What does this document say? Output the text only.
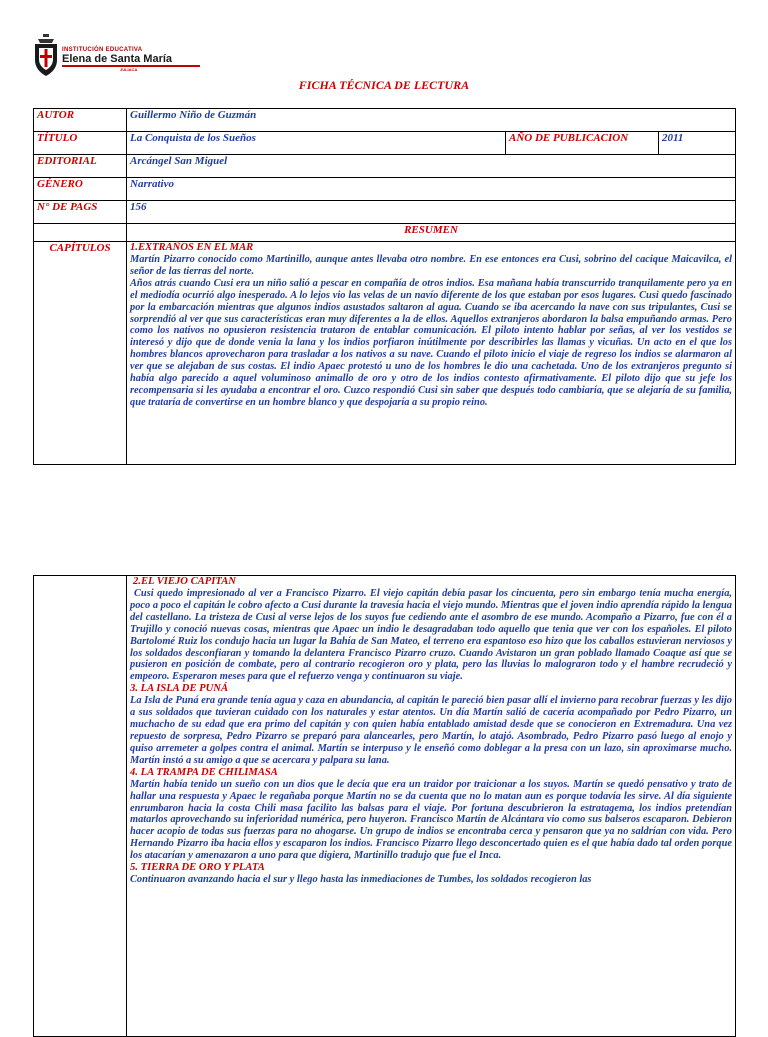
INSTITUCIÓN EDUCATIVA
Elena de Santa María
JULIACA
FICHA TÉCNICA DE LECTURA
AUTOR	Guillermo Niño de Guzmán		
TÍTULO	La Conquista de los Sueños	AÑO DE PUBLICACION	2011
EDITORIAL	Arcángel San Miguel		
GÉNERO	Narrativo		
N° DE PAGS	156		
	RESUMEN		
CAPÍTULOS	1.EXTRAÑOS EN EL MAR

Martín Pizarro conocido como Martinillo, aunque antes llevaba otro nombre. En ese entonces era Cusi, sobrino del cacique Maicavilca, el señor de las tierras del norte.

Años atrás cuando Cusi era un niño salió a pescar en compañía de otros indios. Esa mañana había transcurrido tranquilamente pero ya en el mediodía ocurrió algo inesperado. A lo lejos vio las velas de un navío diferente de los que estaban por esos lugares. Cusi quedo fascinado por la embarcación mientras que algunos indios asustados saltaron al agua. Cuando se iba acercando la nave con sus tripulantes, Cusi se sorprendió al ver que sus características eran muy diferentes a la de ellos. Aquellos extranjeros abordaron la balsa empuñando armas. Pero como los nativos no opusieron resistencia trataron de entablar comunicación. El piloto intento hablar por señas, al ver los vestidos se interesó y dijo que de donde venia la lana y los indios porfiaron inútilmente por describirles las llamas y vicuñas. Un acto en el que los hombres blancos aprovecharon para trasladar a los nativos a su nave. Cuando el piloto inicio el viaje de regreso los indios se alarmaron al ver que se alejaban de sus costas. El indio Apaec protestó u uno de los hombres le dio una cachetada. Uno de los extranjeros pregunto si había algo parecido a aquel voluminoso animallo de oro y otro de los indios contesto afirmativamente. El piloto dijo que su jefe los recompensaria si les ayudaba a encontrar el oro. Cuzco respondió Cusi sin saber que después todo cambiaría, que se alejaría de su familia, que trataría de convertirse en un hombre blanco y que despojaría a su propio reino.		

2.EL VIEJO CAPITAN

Cusi quedo impresionado al ver a Francisco Pizarro. El viejo capitán debía pasar los cincuenta, pero sin embargo tenía mucha energía, poco a poco el capitán le cobro afecto a Cusi durante la travesía hacia el viejo mundo. Mientras que el joven indio aprendía rápido la lengua del castellano. La tristeza de Cusi al verse lejos de los suyos fue cediendo ante el asombro de ese mundo. Acompaño a Pizarro, fue con él a Trujillo y conoció nuevas cosas, mientras que Apaec un indio le desagradaban todo aquello que tenia que ver con los españoles. El piloto Bartolomé Ruiz los condujo hacia un lugar la Bahía de San Mateo, el terreno era espantoso eso hizo que los caballos estuvieran nerviosos y los soldados desconfiaran y tomando la delantera Francisco Pizarro cruzo. Cuando Avistaron un gran poblado llamado Coaque así que se pusieron en posición de combate, pero al contrario recogieron oro y plata, pero las lluvias lo malograron todo y el hambre recrudeció y empeoro. Esperaron meses para que el refuerzo venga y continuaron su viaje.

3. LA ISLA DE PUNÁ

La Isla de Puná era grande tenía agua y caza en abundancia, al capitán le pareció bien pasar allí el invierno para recobrar fuerzas y les dijo a sus soldados que tuvieran cuidado con los naturales y estar atentos. Un día Martín salió de cacería acompañado por Pedro Pizarro, un muchacho de su edad que era primo del capitán y con quien había entablado amistad desde que se conocieron en Extremadura. Una vez repuesto de sorpresa, Pedro Pizarro se preparó para alancearles, pero Martín, lo atajó. Asombrado, Pedro Pizarro pasó luego al enojo y quiso arremeter a golpes contra el animal. Martín se interpuso y le enseñó como doblegar a la presa con un lazo, sin aproximarse mucho. Martín instó a su amigo a que se acercara y palpara su lana.

4. LA TRAMPA DE CHILIMASA

Martín había tenido un sueño con un dios que le decía que era un traidor por traicionar a los suyos. Martín se quedó pensativo y trato de hallar una respuesta y Apaec le regañaba porque Martín no se da cuenta que no lo matan aun es porque todavía les sirve. Al día siguiente enrumbaron hacia la costa Chili masa facilito las balsas para el viaje. Por fortuna descubrieron la estratagema, los indios pretendían matarlos aprovechando su inferioridad numérica, pero huyeron. Francisco Martín de Alcántara vio como sus balseros escaparon. Debieron hacer acopio de todas sus fuerzas para no ahogarse. Un grupo de indios se encontraba cerca y pensaron que ya no saldrían con vida. Pero Hernando Pizarro iba hacia ellos y escaparon los indios. Francisco Pizarro llego desconcertado quien es el que había dado tal orden porque los atacarían y amenazaron a uno para que digiera, Martinillo tradujo que fue el Inca.

5. TIERRA DE ORO Y PLATA

Continuaron avanzando hacia el sur y llego hasta las inmediaciones de Tumbes, los soldados recogieron las
